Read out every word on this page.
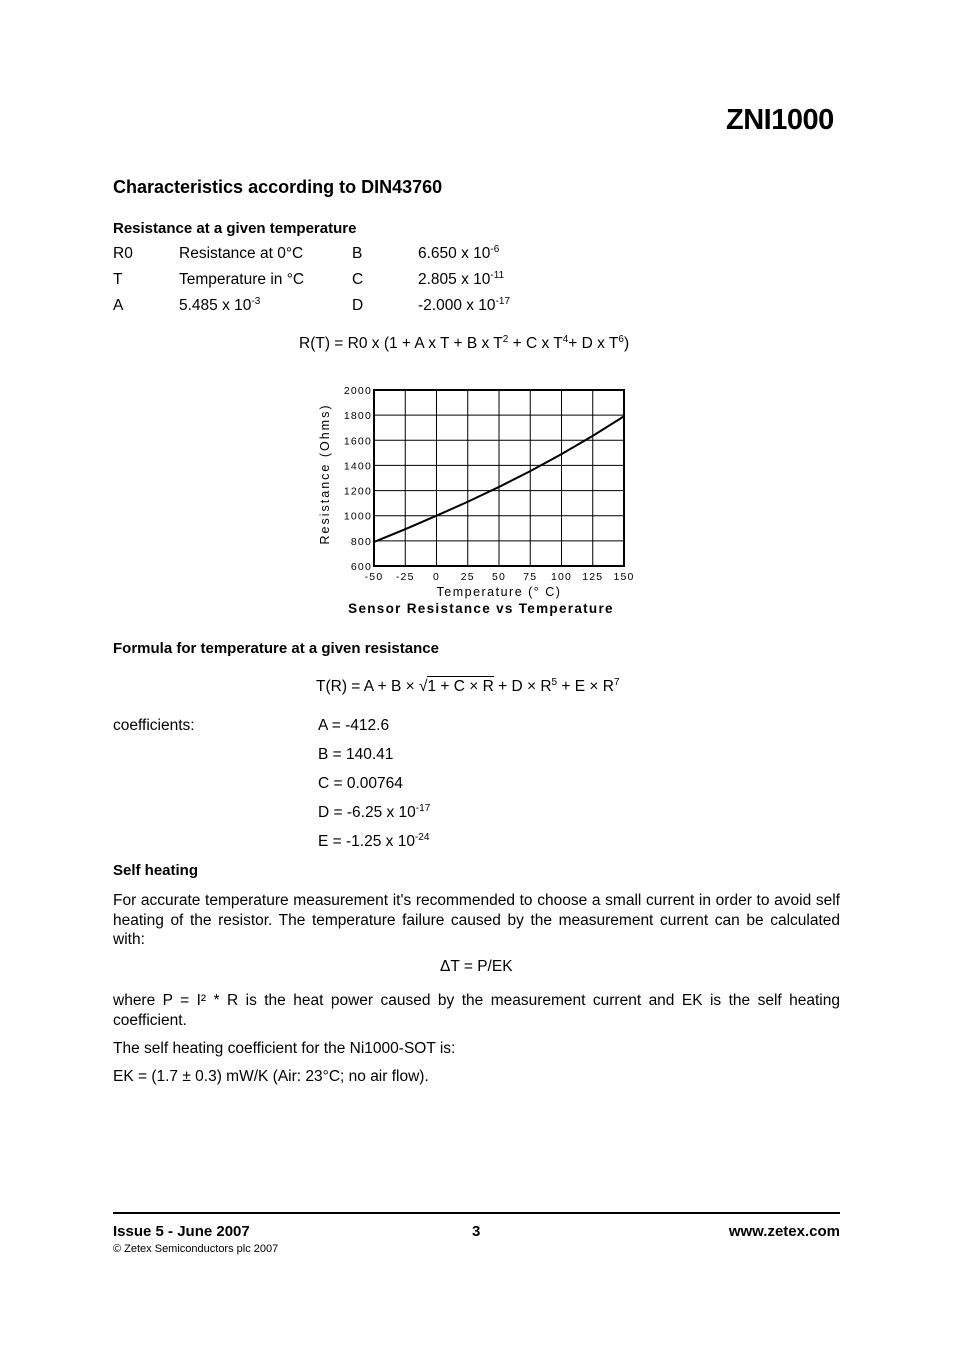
ZNI1000
Characteristics according to DIN43760
Resistance at a given temperature
R0	Resistance at 0°C	B	6.650 x $10^{-6}$
T	Temperature in °C	C	2.805 x $10^{-11}$
A	5.485 x $10^{-3}$	D	-2.000 x $10^{-17}$
R(T) = R0 x (1 + A x T + B x $T^2 + C$ x $T^4+ D$ x $T^6$)
-50 -25 0 25 50 75 100 125 150
600
800
1000
1200
1400
1600
1800
2000
Temperature (° C)
Resistance (Ohms)
Sensor Resistance vs Temperature
Formula for temperature at a given resistance
$T(R) = A + B \times √1 + C \times R + D \times R^5 + E \times R^7$
coefficients:	A = -412.6
B = 140.41
C = 0.00764
D = -6.25 x $10^{-17}$
E = -1.25 x $10^{-24}$
Self heating
For accurate temperature measurement it's recommended to choose a small current in order to avoid self heating of the resistor. The temperature failure caused by the measurement current can be calculated with:
ΔT = P/EK
where P = I² * R is the heat power caused by the measurement current and EK is the self heating coefficient.
The self heating coefficient for the Ni1000-SOT is:
EK = (1.7 ± 0.3) mW/K (Air: 23°C; no air flow).
Issue 5 - June 2007	3	www.zetex.com
© Zetex Semiconductors plc 2007
